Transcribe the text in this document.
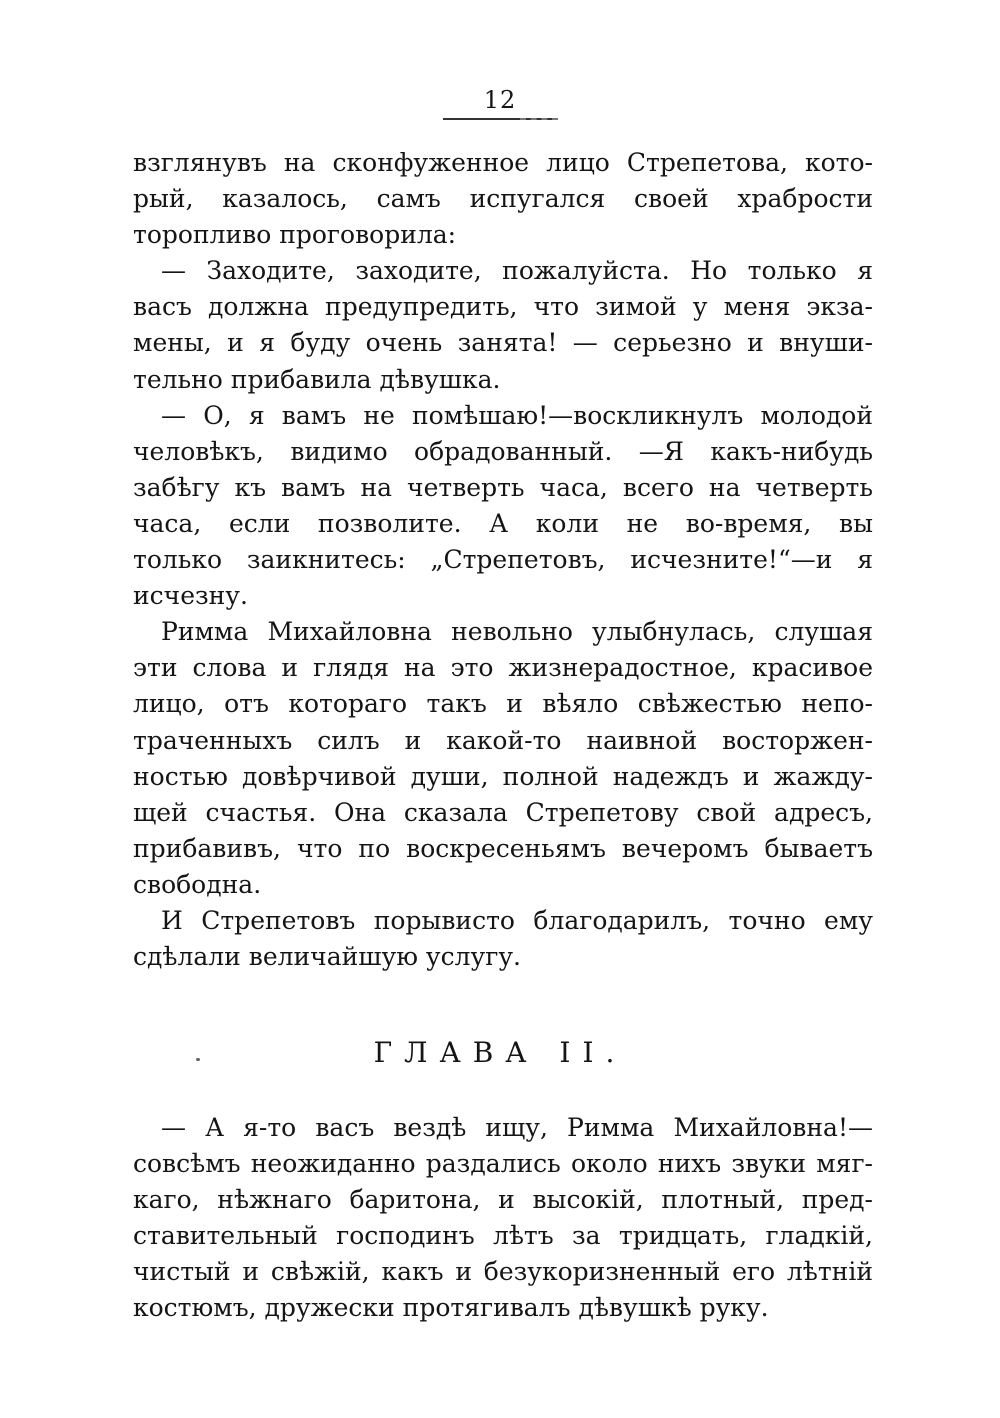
12
взглянувъ на сконфуженное лицо Стрепетова, кото-
рый, казалось, самъ испугался своей храбрости
торопливо проговорила:
— Заходите, заходите, пожалуйста. Но только я
васъ должна предупредить, что зимой у меня экза-
мены, и я буду очень занята! — серьезно и внуши-
тельно прибавила дѣвушка.
— О, я вамъ не помѣшаю!—воскликнулъ молодой
человѣкъ, видимо обрадованный. —Я какъ-нибудь
забѣгу къ вамъ на четверть часа, всего на четверть
часа, если позволите. А коли не во-время, вы
только заикнитесь: „Стрепетовъ, исчезните!“—и я
исчезну.
Римма Михайловна невольно улыбнулась, слушая
эти слова и глядя на это жизнерадостное, красивое
лицо, отъ котораго такъ и вѣяло свѣжестью непо-
траченныхъ силъ и какой-то наивной восторжен-
ностью довѣрчивой души, полной надеждъ и жажду-
щей счастья. Она сказала Стрепетову свой адресъ,
прибавивъ, что по воскресеньямъ вечеромъ бываетъ
свободна.
И Стрепетовъ порывисто благодарилъ, точно ему
сдѣлали величайшую услугу.
ГЛАВА II.
— А я-то васъ вездѣ ищу, Римма Михайловна!—
совсѣмъ неожиданно раздались около нихъ звуки мяг-
каго, нѣжнаго баритона, и высокій, плотный, пред-
ставительный господинъ лѣтъ за тридцать, гладкій,
чистый и свѣжій, какъ и безукоризненный его лѣтній
костюмъ, дружески протягивалъ дѣвушкѣ руку.
